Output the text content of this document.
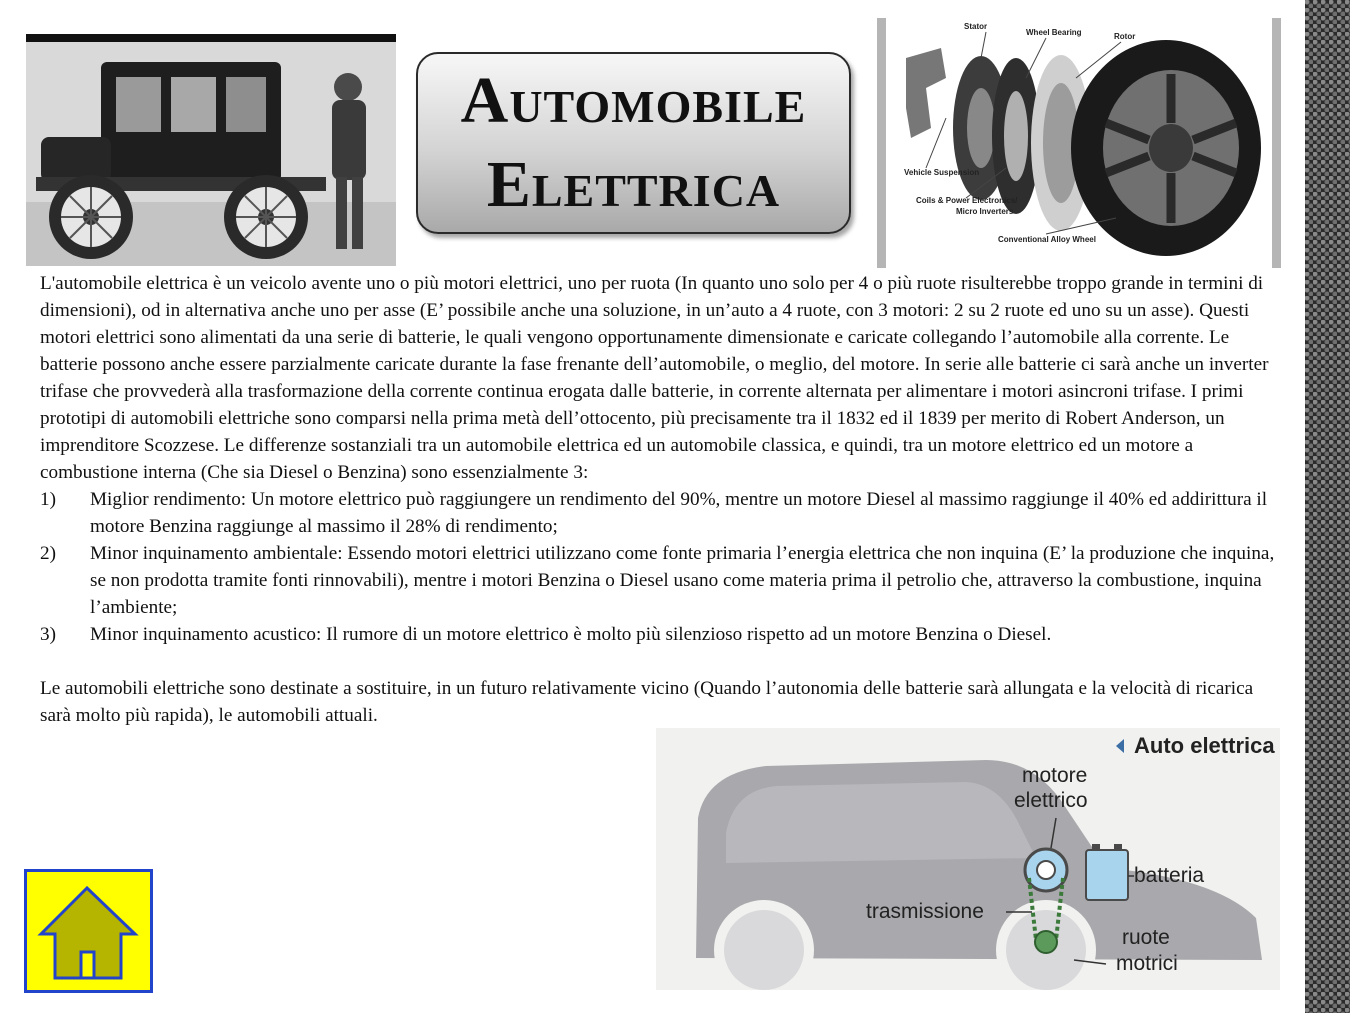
Automobile
Elettrica
Stator
Wheel Bearing	Rotor
Vehicle Suspension
Coils & Power Electronics/
Micro Inverters
Conventional Alloy Wheel

L'automobile elettrica è un veicolo avente uno o più motori elettrici, uno per ruota (In quanto uno solo per 4 o più ruote risulterebbe troppo grande in termini di dimensioni), od in alternativa anche uno per asse (E’ possibile anche una soluzione, in un’auto a 4 ruote, con 3 motori: 2 su 2 ruote ed uno su un asse). Questi motori elettrici sono alimentati da una serie di batterie, le quali vengono opportunamente dimensionate e caricate collegando l’automobile alla corrente. Le batterie possono anche essere parzialmente caricate durante la fase frenante dell’automobile, o meglio, del motore. In serie alle batterie ci sarà anche un inverter trifase che provvederà alla trasformazione della corrente continua erogata dalle batterie, in corrente alternata per alimentare i motori asincroni trifase. I primi prototipi di automobili elettriche sono comparsi nella prima metà dell’ottocento, più precisamente tra il 1832 ed il 1839 per merito di Robert Anderson, un imprenditore Scozzese. Le differenze sostanziali tra un automobile elettrica ed un automobile classica, e quindi, tra un motore elettrico ed un motore a combustione interna (Che sia Diesel o Benzina) sono essenzialmente 3:

1)	Miglior rendimento: Un motore elettrico può raggiungere un rendimento del 90%, mentre un motore Diesel al massimo raggiunge il 40% ed addirittura il motore Benzina raggiunge al massimo il 28% di rendimento;
2)	Minor inquinamento ambientale: Essendo motori elettrici utilizzano come fonte primaria l’energia elettrica che non inquina (E’ la produzione che inquina, se non prodotta tramite fonti rinnovabili), mentre i motori Benzina o Diesel usano come materia prima il petrolio che, attraverso la combustione, inquina l’ambiente;
3)	Minor inquinamento acustico: Il rumore di un motore elettrico è molto più silenzioso rispetto ad un motore Benzina o Diesel.

Le automobili elettriche sono destinate a sostituire, in un futuro relativamente vicino (Quando l’autonomia delle batterie sarà allungata e la velocità di ricarica sarà molto più rapida), le automobili attuali.

Auto elettrica
motore
elettrico
batteria
trasmissione
ruote
motrici
